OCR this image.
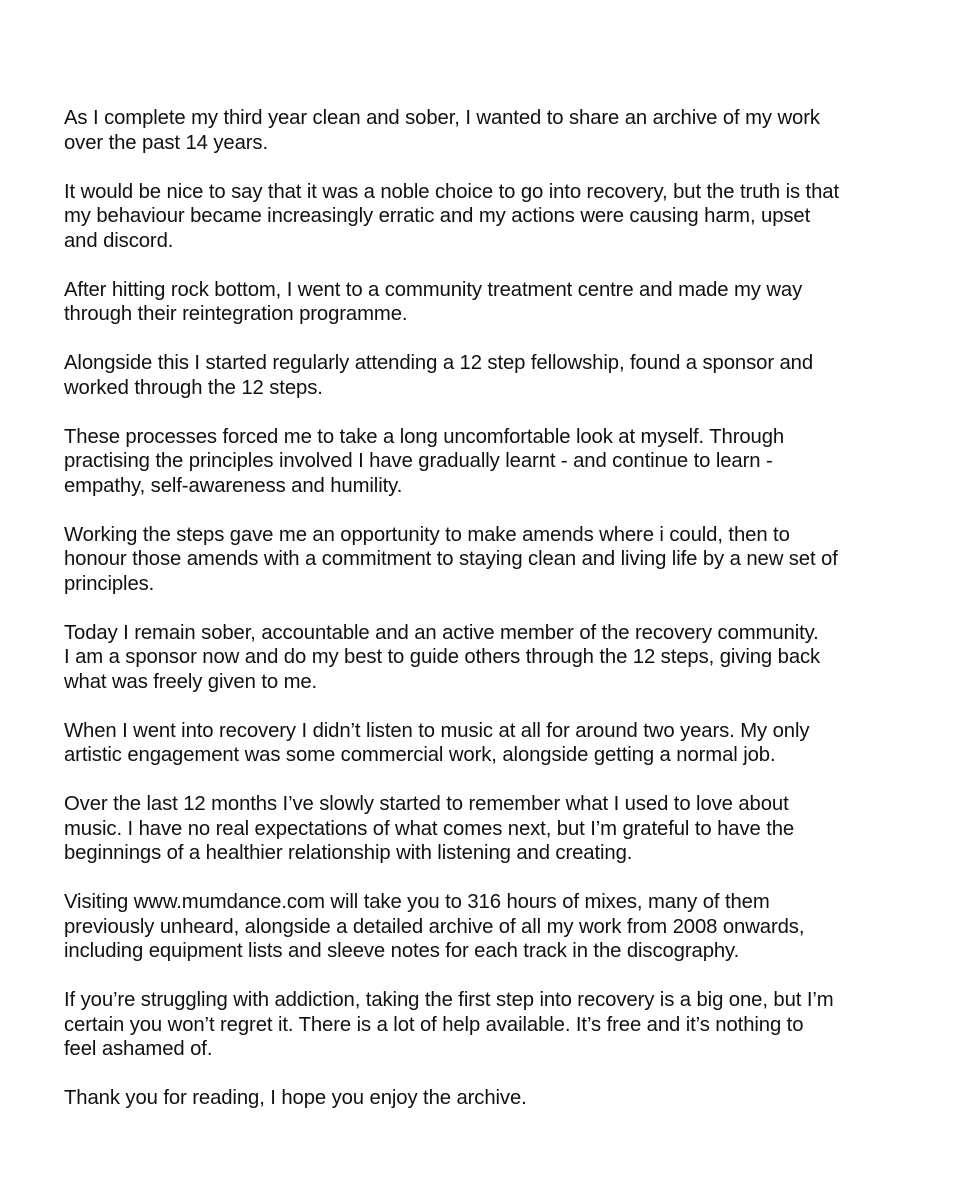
As I complete my third year clean and sober, I wanted to share an archive of my work
over the past 14 years.

It would be nice to say that it was a noble choice to go into recovery, but the truth is that
my behaviour became increasingly erratic and my actions were causing harm, upset
and discord.

After hitting rock bottom, I went to a community treatment centre and made my way
through their reintegration programme.

Alongside this I started regularly attending a 12 step fellowship, found a sponsor and
worked through the 12 steps.

These processes forced me to take a long uncomfortable look at myself. Through
practising the principles involved I have gradually learnt - and continue to learn -
empathy, self-awareness and humility.

Working the steps gave me an opportunity to make amends where i could, then to
honour those amends with a commitment to staying clean and living life by a new set of
principles.

Today I remain sober, accountable and an active member of the recovery community.
I am a sponsor now and do my best to guide others through the 12 steps, giving back
what was freely given to me.

When I went into recovery I didn’t listen to music at all for around two years. My only
artistic engagement was some commercial work, alongside getting a normal job.

Over the last 12 months I’ve slowly started to remember what I used to love about
music. I have no real expectations of what comes next, but I’m grateful to have the
beginnings of a healthier relationship with listening and creating.

Visiting www.mumdance.com will take you to 316 hours of mixes, many of them
previously unheard, alongside a detailed archive of all my work from 2008 onwards,
including equipment lists and sleeve notes for each track in the discography.

If you’re struggling with addiction, taking the first step into recovery is a big one, but I’m
certain you won’t regret it. There is a lot of help available. It’s free and it’s nothing to
feel ashamed of.

Thank you for reading, I hope you enjoy the archive.
